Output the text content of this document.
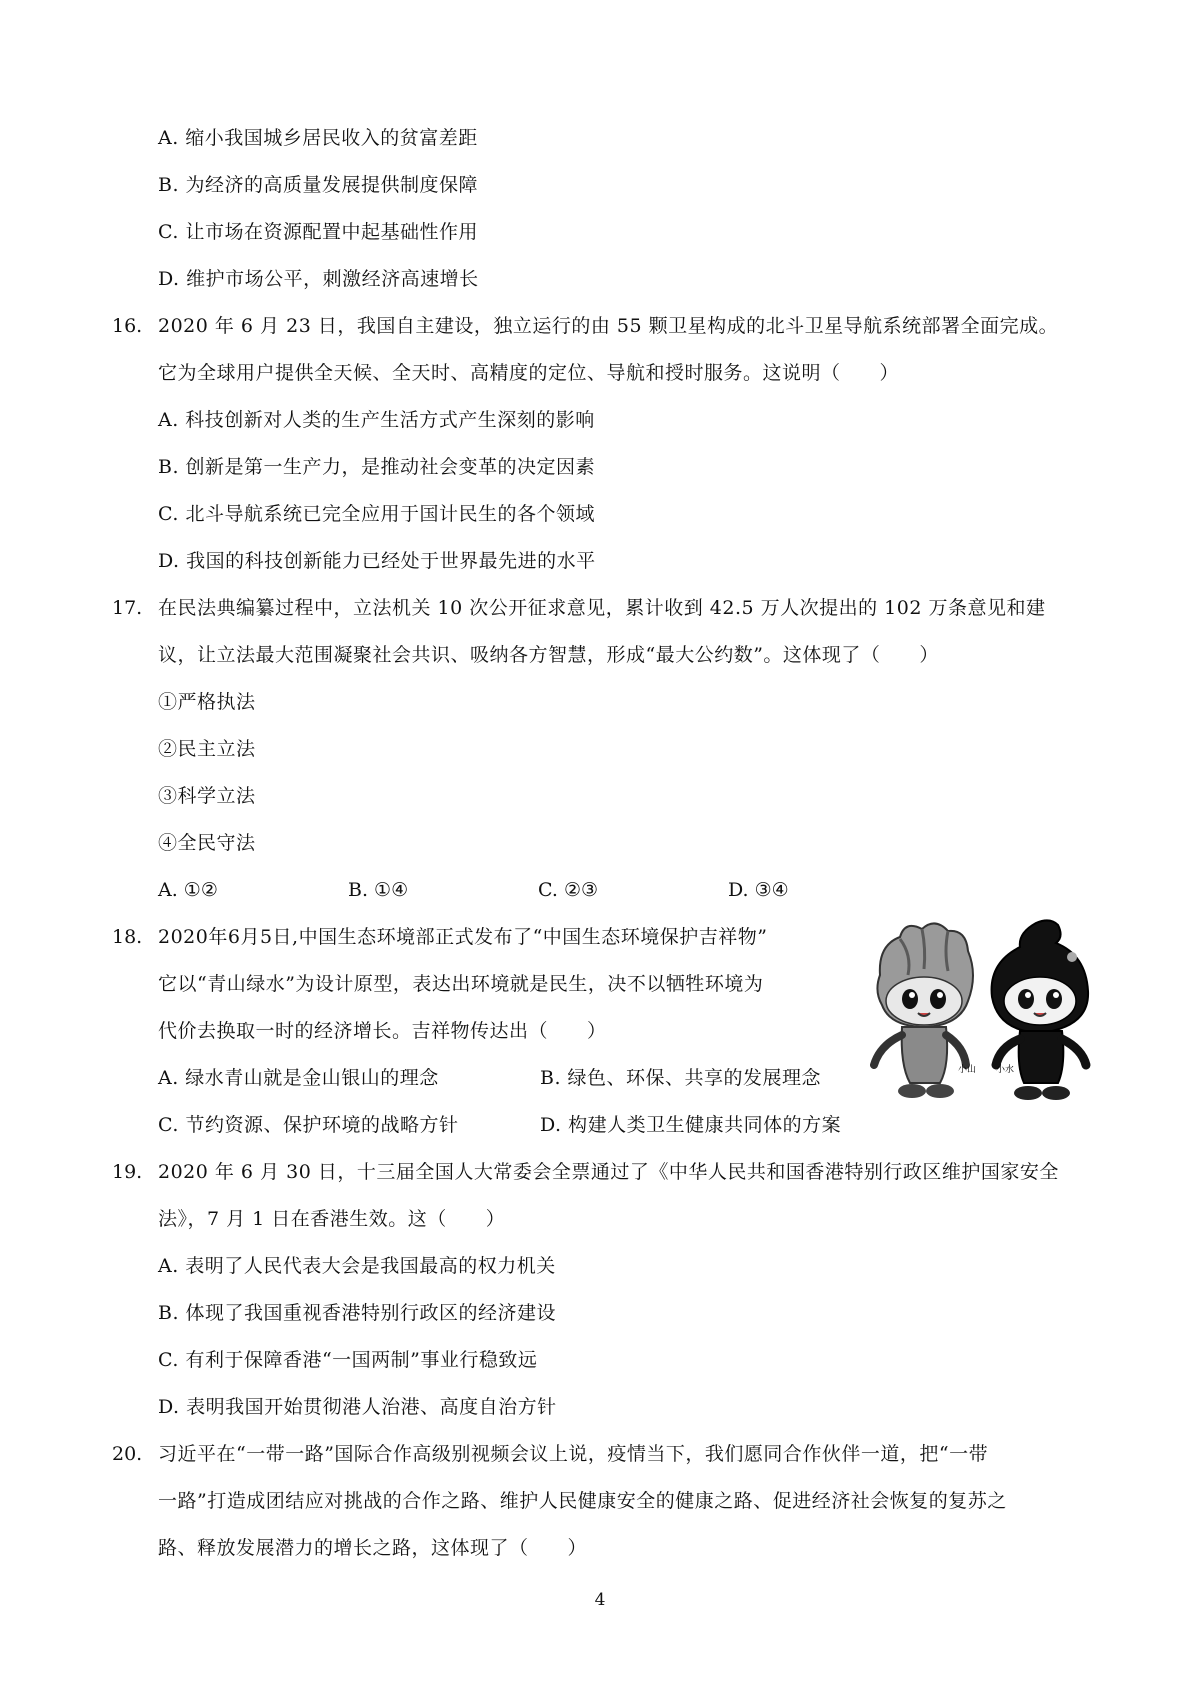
A. 缩小我国城乡居民收入的贫富差距
B. 为经济的高质量发展提供制度保障
C. 让市场在资源配置中起基础性作用
D. 维护市场公平，刺激经济高速增长
16. 2020 年 6 月 23 日，我国自主建设，独立运行的由 55 颗卫星构成的北斗卫星导航系统部署全面完成。
它为全球用户提供全天候、全天时、高精度的定位、导航和授时服务。这说明（　　）
A. 科技创新对人类的生产生活方式产生深刻的影响
B. 创新是第一生产力，是推动社会变革的决定因素
C. 北斗导航系统已完全应用于国计民生的各个领域
D. 我国的科技创新能力已经处于世界最先进的水平
17. 在民法典编纂过程中，立法机关 10 次公开征求意见，累计收到 42.5 万人次提出的 102 万条意见和建
议，让立法最大范围凝聚社会共识、吸纳各方智慧，形成“最大公约数”。这体现了（　　）
①严格执法
②民主立法
③科学立法
④全民守法
A. ①②	B. ①④	C. ②③	D. ③④
18. 2020年6月5日,中国生态环境部正式发布了“中国生态环境保护吉祥物”
它以“青山绿水”为设计原型，表达出环境就是民生，决不以牺牲环境为
代价去换取一时的经济增长。吉祥物传达出（　　）
A. 绿水青山就是金山银山的理念	B. 绿色、环保、共享的发展理念
C. 节约资源、保护环境的战略方针	D. 构建人类卫生健康共同体的方案
小山 小水
19. 2020 年 6 月 30 日，十三届全国人大常委会全票通过了《中华人民共和国香港特别行政区维护国家安全
法》，7 月 1 日在香港生效。这（　　）
A. 表明了人民代表大会是我国最高的权力机关
B. 体现了我国重视香港特别行政区的经济建设
C. 有利于保障香港“一国两制”事业行稳致远
D. 表明我国开始贯彻港人治港、高度自治方针
20. 习近平在“一带一路”国际合作高级别视频会议上说，疫情当下，我们愿同合作伙伴一道，把“一带
一路”打造成团结应对挑战的合作之路、维护人民健康安全的健康之路、促进经济社会恢复的复苏之
路、释放发展潜力的增长之路，这体现了（　　）
4
